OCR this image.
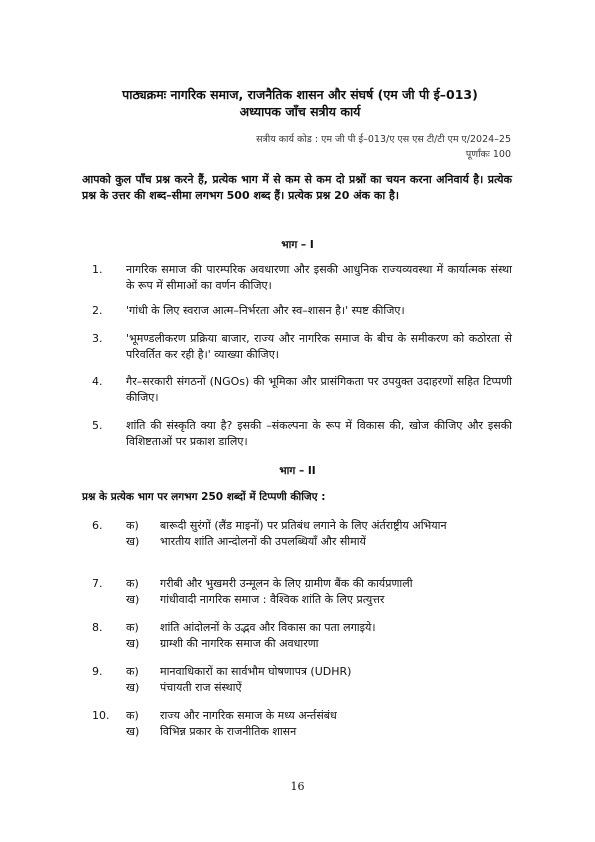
पाठ्यक्रमः नागरिक समाज, राजनैतिक शासन और संघर्ष (एम जी पी ई–013)
अध्यापक जाँच सत्रीय कार्य
सत्रीय कार्य कोड : एम जी पी ई–013/ए एस एस टी/टी एम ए/2024–25
पूर्णांकः 100
आपको कुल पाँच प्रश्न करने हैं, प्रत्येक भाग में से कम से कम दो प्रश्नों का चयन करना अनिवार्य है। प्रत्येक प्रश्न के उत्तर की शब्द–सीमा लगभग 500 शब्द हैं। प्रत्येक प्रश्न 20 अंक का है।
भाग – I
1. नागरिक समाज की पारम्परिक अवधारणा और इसकी आधुनिक राज्यव्यवस्था में कार्यात्मक संस्था के रूप में सीमाओं का वर्णन कीजिए।
2. 'गांधी के लिए स्वराज आत्म–निर्भरता और स्व–शासन है।' स्पष्ट कीजिए।
3. 'भूमण्डलीकरण प्रक्रिया बाजार, राज्य और नागरिक समाज के बीच के समीकरण को कठोरता से परिवर्तित कर रही है।' व्याख्या कीजिए।
4. गैर–सरकारी संगठनों (NGOs) की भूमिका और प्रासंगिकता पर उपयुक्त उदाहरणों सहित टिप्पणी कीजिए।
5. शांति की संस्कृति क्या है? इसकी –संकल्पना के रूप में विकास की, खोज कीजिए और इसकी विशिष्टताओं पर प्रकाश डालिए।
भाग – II
प्रश्न के प्रत्येक भाग पर लगभग 250 शब्दों में टिप्पणी कीजिए :
6. क) बारूदी सुरंगों (लैंड माइनों) पर प्रतिबंध लगाने के लिए अंर्तराष्ट्रीय अभियान
ख) भारतीय शांति आन्दोलनों की उपलब्धियाँ और सीमायें
7. क) गरीबी और भुखमरी उन्मूलन के लिए ग्रामीण बैंक की कार्यप्रणाली
ख) गांधीवादी नागरिक समाज : वैश्विक शांति के लिए प्रत्युत्तर
8. क) शांति आंदोलनों के उद्भव और विकास का पता लगाइये।
ख) ग्राम्शी की नागरिक समाज की अवधारणा
9. क) मानवाधिकारों का सार्वभौम घोषणापत्र (UDHR)
ख) पंचायती राज संस्थाऐं
10. क) राज्य और नागरिक समाज के मध्य अर्न्तसंबंध
ख) विभिन्न प्रकार के राजनीतिक शासन
16
